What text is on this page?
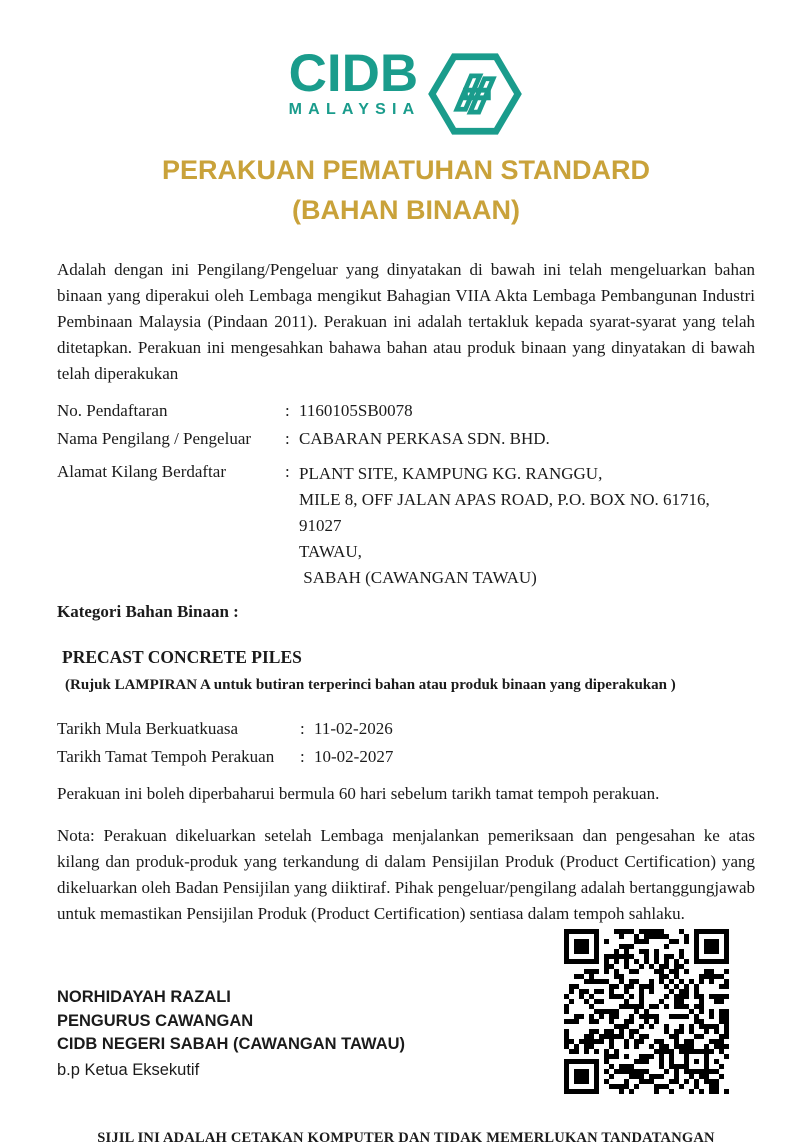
CIDB
MALAYSIA
PERAKUAN PEMATUHAN STANDARD
(BAHAN BINAAN)
Adalah dengan ini Pengilang/Pengeluar yang dinyatakan di bawah ini telah mengeluarkan bahan binaan yang diperakui oleh Lembaga mengikut Bahagian VIIA Akta Lembaga Pembangunan Industri Pembinaan Malaysia (Pindaan 2011). Perakuan ini adalah tertakluk kepada syarat-syarat yang telah ditetapkan. Perakuan ini mengesahkan bahawa bahan atau produk binaan yang dinyatakan di bawah telah diperakukan
No. Pendaftaran	: 1160105SB0078
Nama Pengilang / Pengeluar	: CABARAN PERKASA SDN. BHD.
Alamat Kilang Berdaftar	: PLANT SITE, KAMPUNG KG. RANGGU,
MILE 8, OFF JALAN APAS ROAD, P.O. BOX NO. 61716, 91027
TAWAU,
SABAH (CAWANGAN TAWAU)
Kategori Bahan Binaan :
PRECAST CONCRETE PILES
(Rujuk LAMPIRAN A untuk butiran terperinci bahan atau produk binaan yang diperakukan )
Tarikh Mula Berkuatkuasa	: 11-02-2026
Tarikh Tamat Tempoh Perakuan	: 10-02-2027
Perakuan ini boleh diperbaharui bermula 60 hari sebelum tarikh tamat tempoh perakuan.
Nota: Perakuan dikeluarkan setelah Lembaga menjalankan pemeriksaan dan pengesahan ke atas kilang dan produk-produk yang terkandung di dalam Pensijilan Produk (Product Certification) yang dikeluarkan oleh Badan Pensijilan yang diiktiraf. Pihak pengeluar/pengilang adalah bertanggungjawab untuk memastikan Pensijilan Produk (Product Certification) sentiasa dalam tempoh sahlaku.
NORHIDAYAH RAZALI
PENGURUS CAWANGAN
CIDB NEGERI SABAH (CAWANGAN TAWAU)
b.p Ketua Eksekutif
SIJIL INI ADALAH CETAKAN KOMPUTER DAN TIDAK MEMERLUKAN TANDATANGAN
